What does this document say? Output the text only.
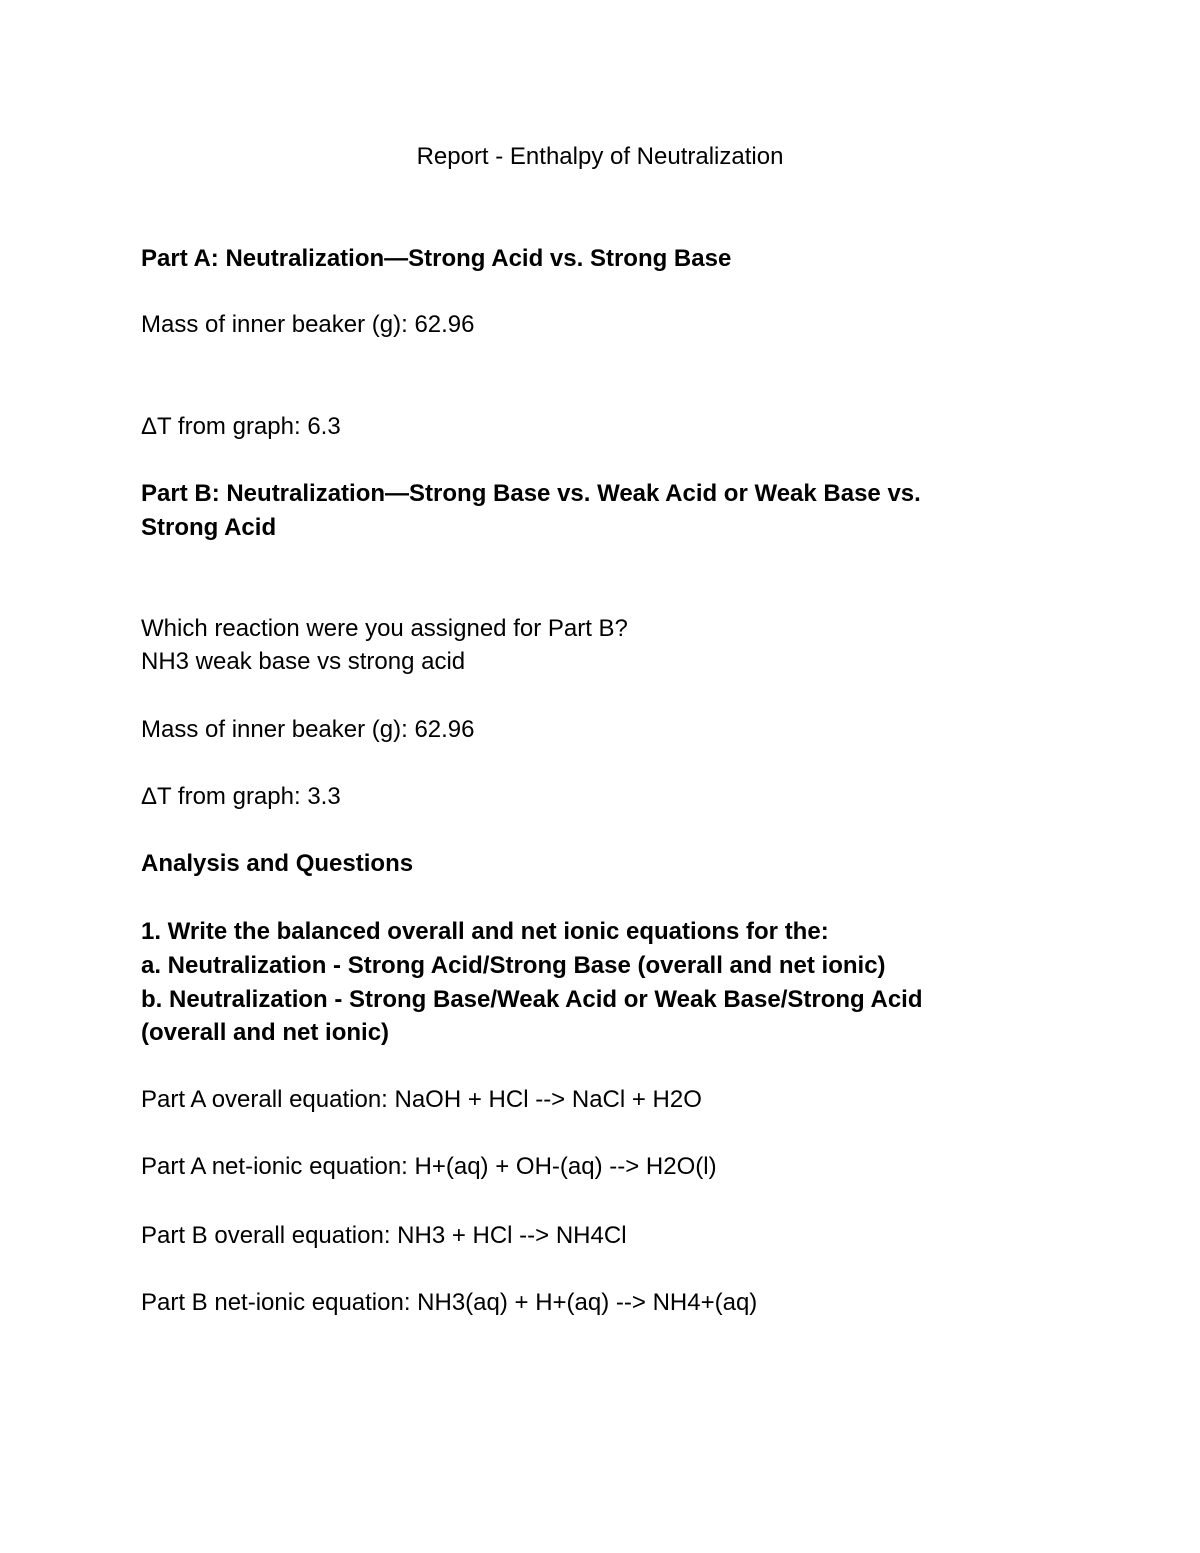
Report - Enthalpy of Neutralization
Part A: Neutralization—Strong Acid vs. Strong Base
Mass of inner beaker (g): 62.96
ΔT from graph: 6.3
Part B: Neutralization—Strong Base vs. Weak Acid or Weak Base vs.
Strong Acid
Which reaction were you assigned for Part B?
NH3 weak base vs strong acid
Mass of inner beaker (g): 62.96
ΔT from graph: 3.3
Analysis and Questions
1. Write the balanced overall and net ionic equations for the:
a. Neutralization - Strong Acid/Strong Base (overall and net ionic)
b. Neutralization - Strong Base/Weak Acid or Weak Base/Strong Acid
(overall and net ionic)
Part A overall equation: NaOH + HCl --> NaCl + H2O
Part A net-ionic equation: H+(aq) + OH-(aq) --> H2O(l)
Part B overall equation: NH3 + HCl --> NH4Cl
Part B net-ionic equation: NH3(aq) + H+(aq) --> NH4+(aq)
